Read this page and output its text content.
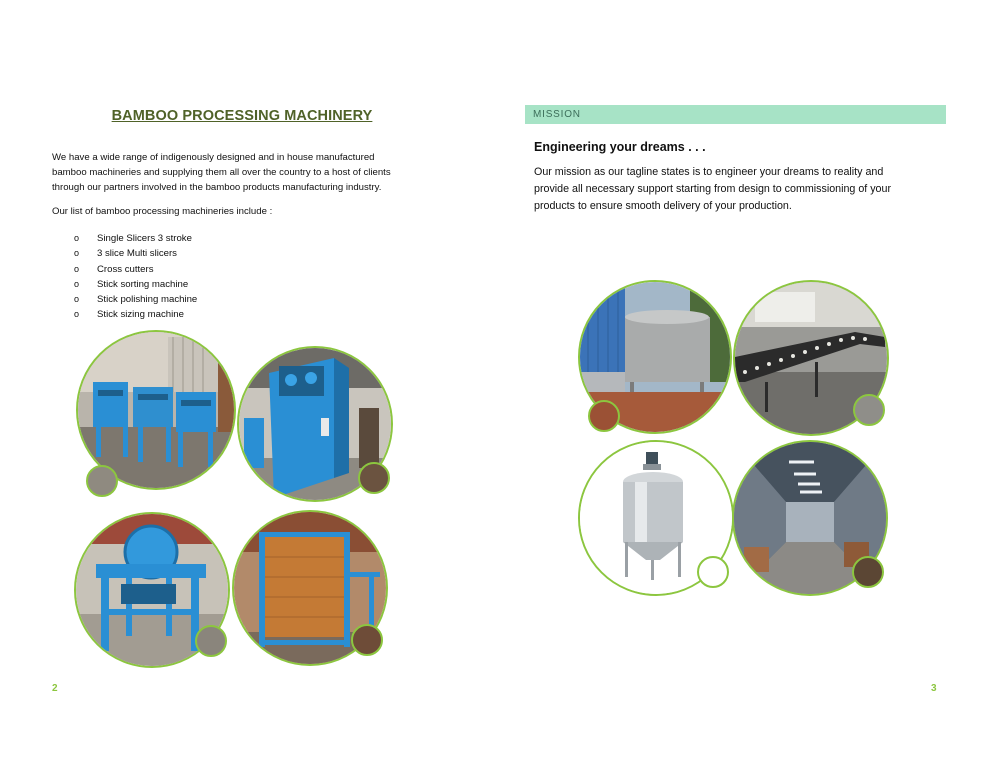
BAMBOO PROCESSING MACHINERY
We have a wide range of indigenously designed and in house manufactured
bamboo machineries and supplying them all over the country to a host of clients
through our partners involved in the bamboo products manufacturing industry.
Our list of bamboo processing machineries include :
o	Single Slicers 3 stroke
o	3 slice Multi slicers
o	Cross cutters
o	Stick sorting machine
o	Stick polishing machine
o	Stick sizing machine
2
MISSION
Engineering your dreams . . .
Our mission as our tagline states is to engineer your dreams to reality and
provide all necessary support starting from design to commissioning of your
products to ensure smooth delivery of your production.
3
